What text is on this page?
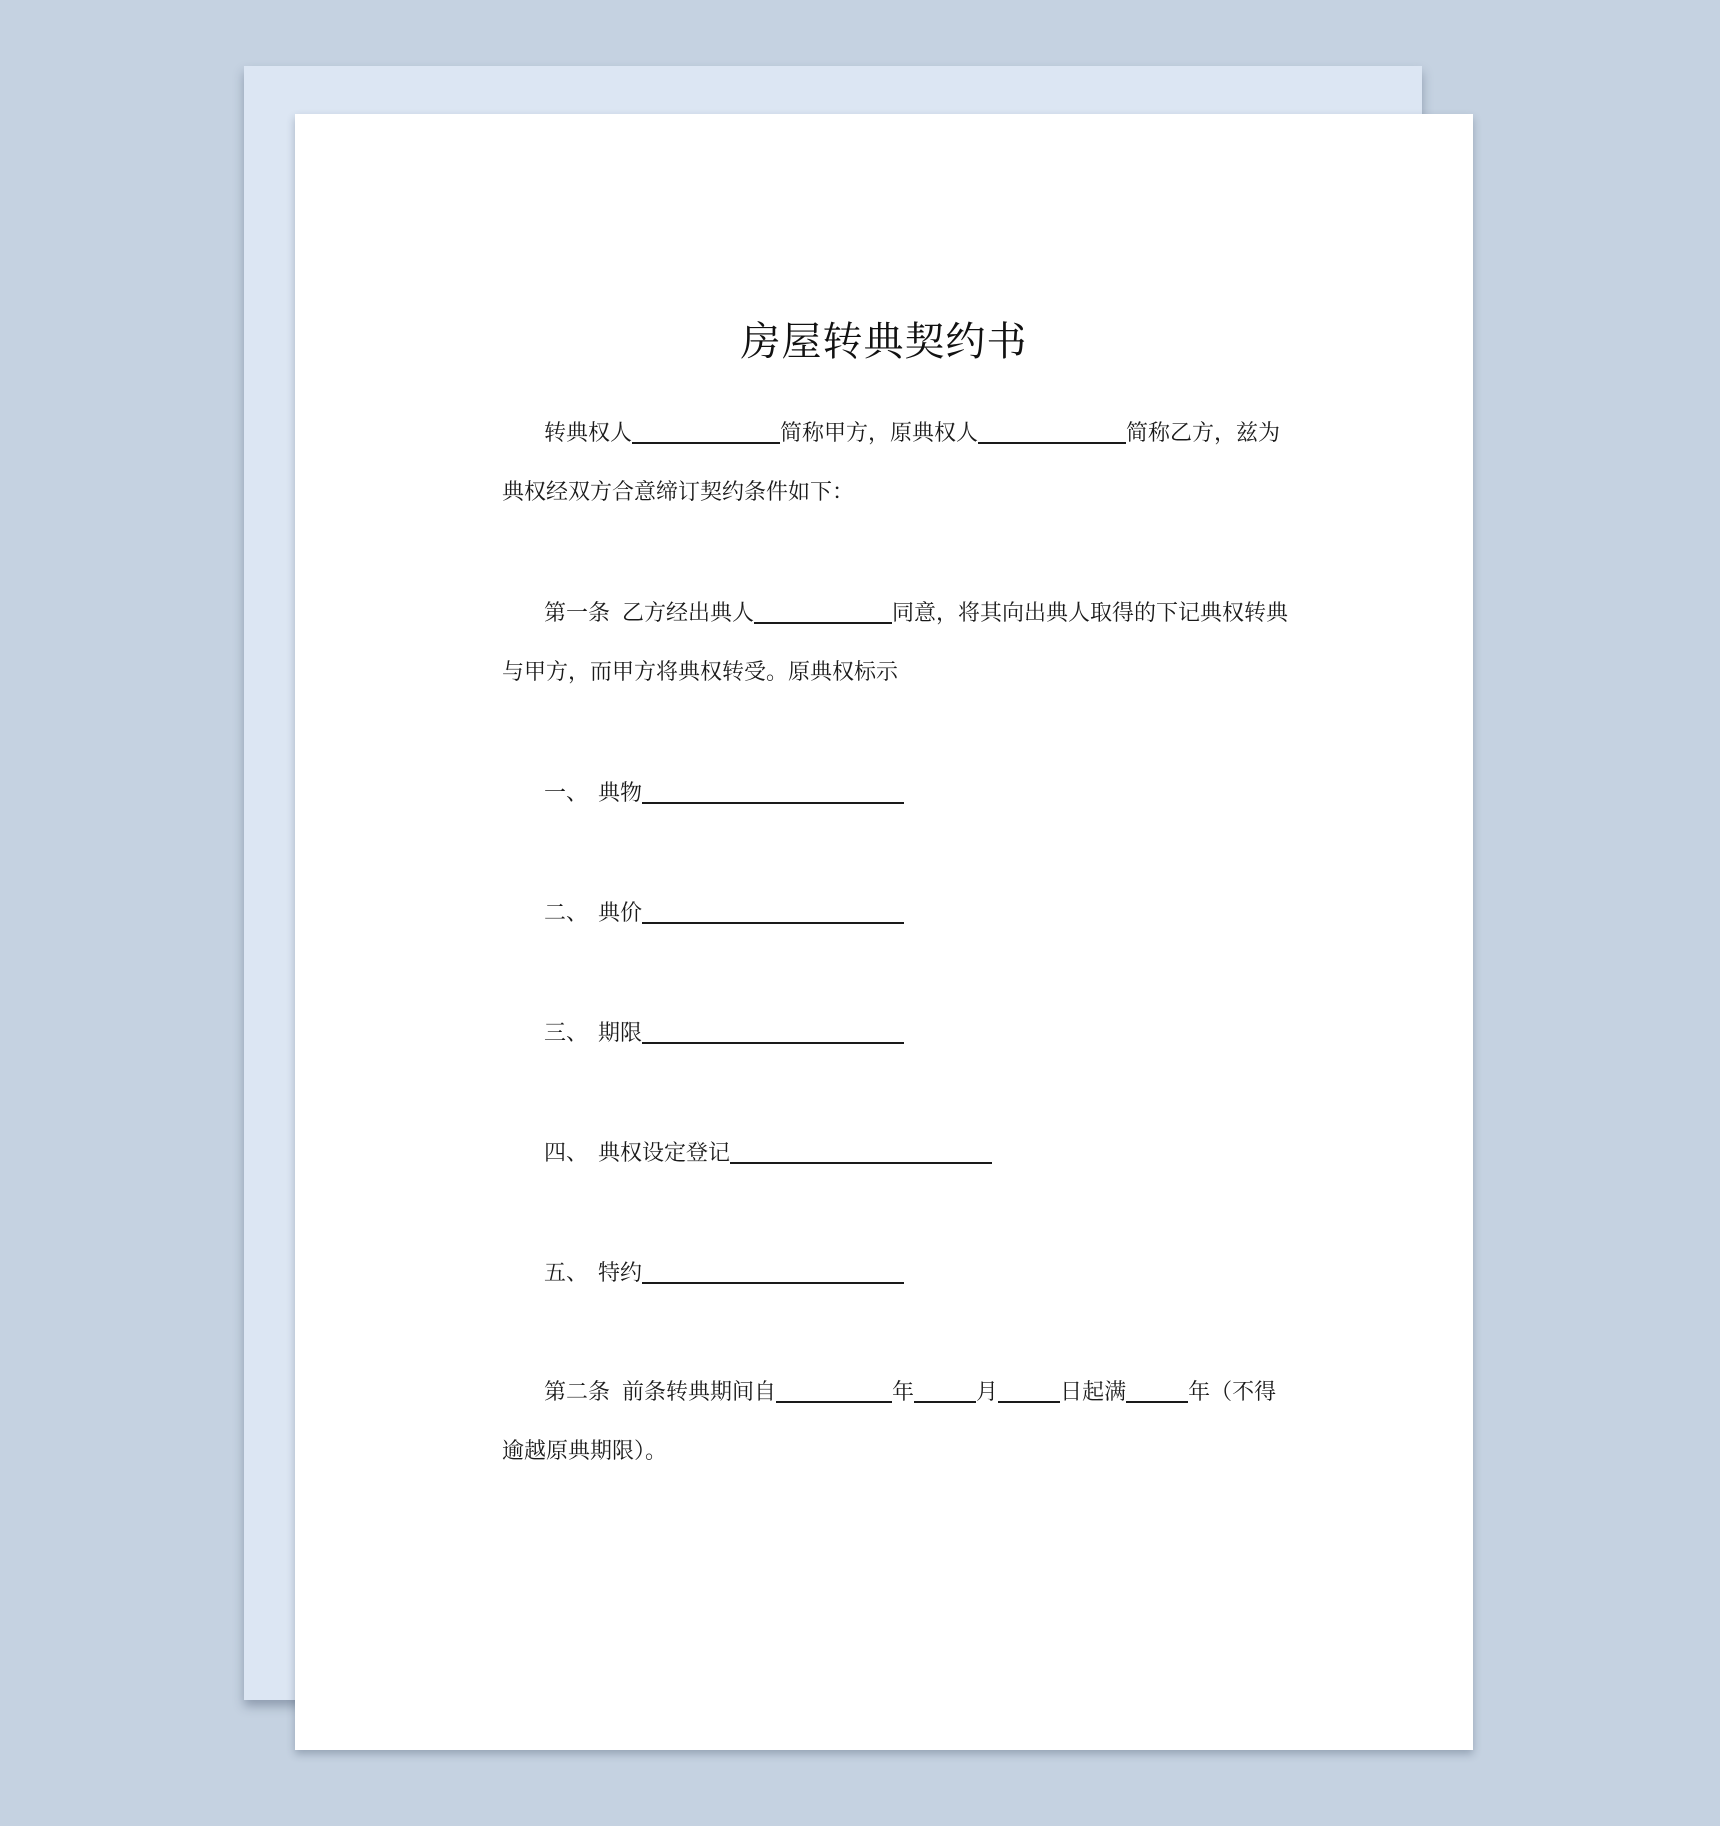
房屋转典契约书
转典权人	简称甲方，原典权人	简称乙方，兹为
典权经双方合意缔订契约条件如下：
第一条 乙方经出典人	同意，将其向出典人取得的下记典权转典
与甲方，而甲方将典权转受。原典权标示
一、 典物
二、 典价
三、 期限
四、 典权设定登记
五、 特约
第二条 前条转典期间自	年	月	日起满	年（不得
逾越原典期限）。
